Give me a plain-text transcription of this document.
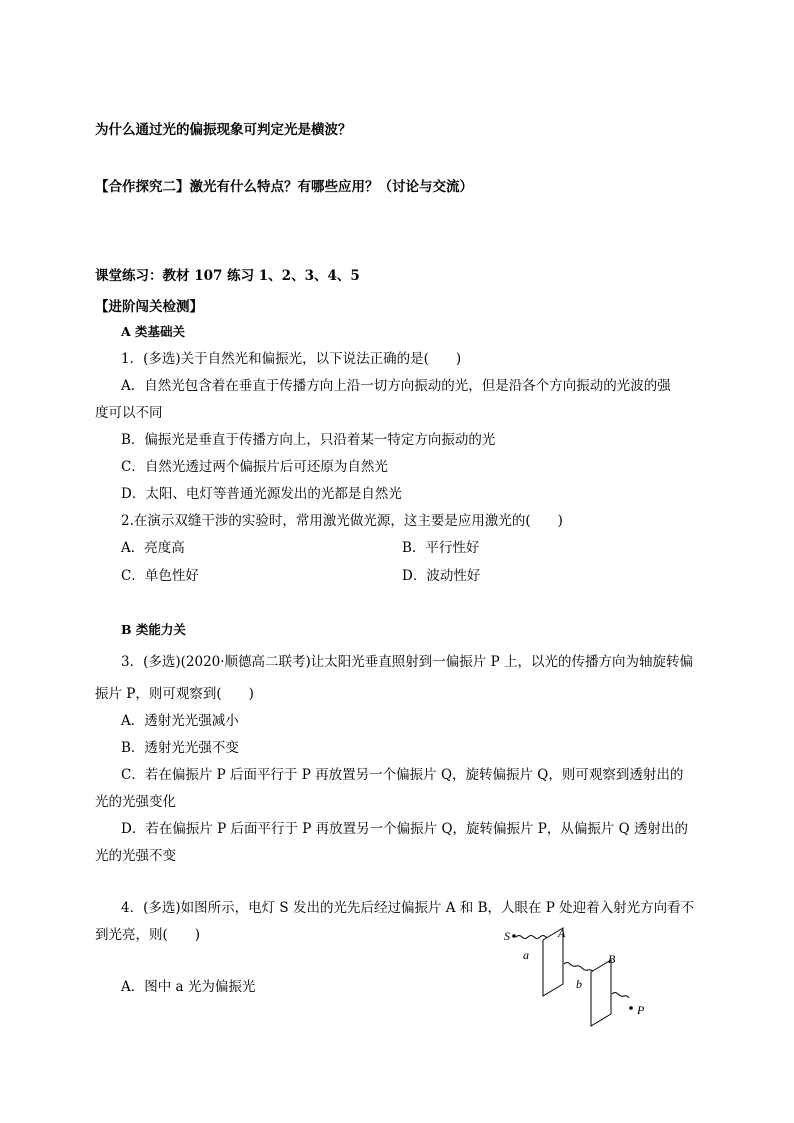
为什么通过光的偏振现象可判定光是横波？
【合作探究二】激光有什么特点？有哪些应用？（讨论与交流）
课堂练习：教材 107 练习 1、2、3、4、5
【进阶闯关检测】
A 类基础关
1．(多选)关于自然光和偏振光，以下说法正确的是(　　)
A．自然光包含着在垂直于传播方向上沿一切方向振动的光，但是沿各个方向振动的光波的强
度可以不同
B．偏振光是垂直于传播方向上，只沿着某一特定方向振动的光
C．自然光透过两个偏振片后可还原为自然光
D．太阳、电灯等普通光源发出的光都是自然光
2.在演示双缝干涉的实验时，常用激光做光源，这主要是应用激光的(　　)
A．亮度高	B．平行性好
C．单色性好	D．波动性好
B 类能力关
3．(多选)(2020·顺德高二联考)让太阳光垂直照射到一偏振片 P 上，以光的传播方向为轴旋转偏
振片 P，则可观察到(　　)
A．透射光光强减小
B．透射光光强不变
C．若在偏振片 P 后面平行于 P 再放置另一个偏振片 Q，旋转偏振片 Q，则可观察到透射出的
光的光强变化
D．若在偏振片 P 后面平行于 P 再放置另一个偏振片 Q，旋转偏振片 P，从偏振片 Q 透射出的
光的光强不变
4．(多选)如图所示，电灯 S 发出的光先后经过偏振片 A 和 B，人眼在 P 处迎着入射光方向看不
到光亮，则(　　)
A．图中 a 光为偏振光
S
a
A
b
B
P
